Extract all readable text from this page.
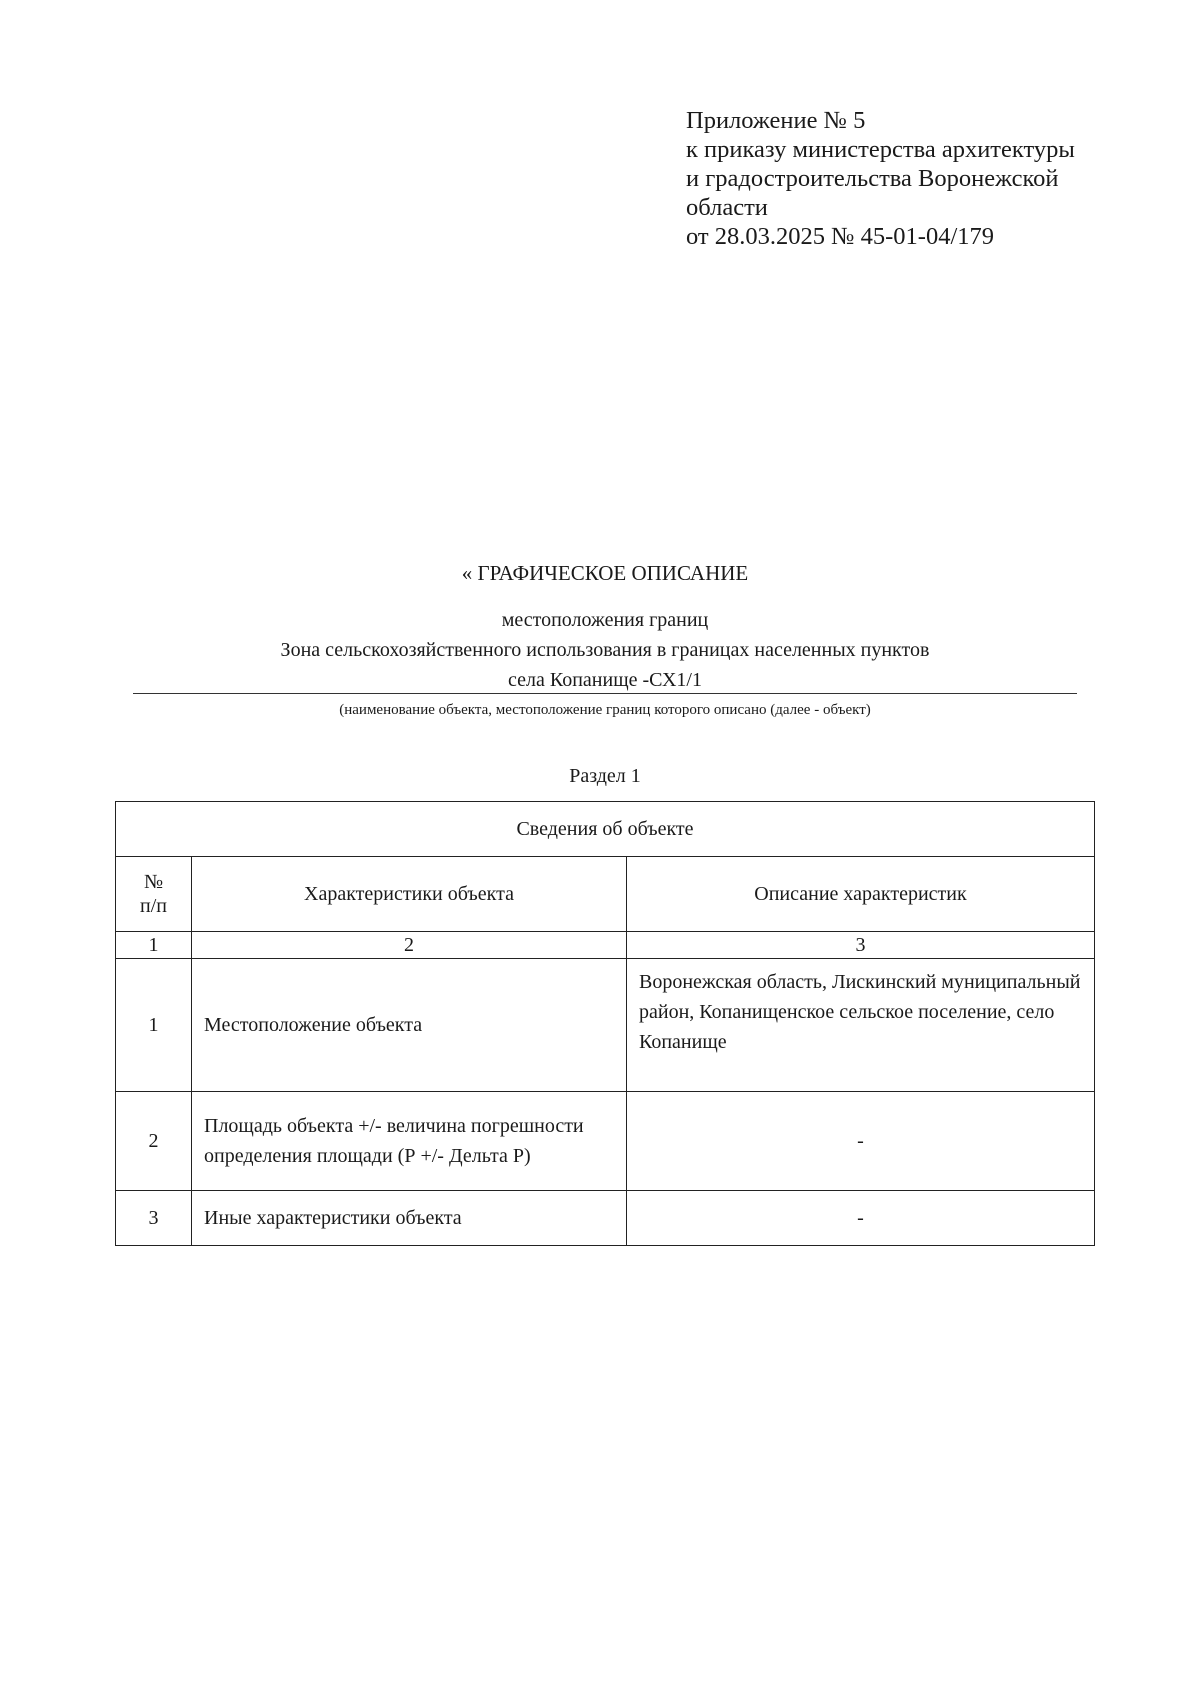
Приложение № 5
к приказу министерства архитектуры
и градостроительства Воронежской
области
от 28.03.2025 № 45-01-04/179
« ГРАФИЧЕСКОЕ ОПИСАНИЕ
местоположения границ
Зона сельскохозяйственного использования в границах населенных пунктов
села Копанище -СХ1/1
(наименование объекта, местоположение границ которого описано (далее - объект)
Раздел 1
Сведения об объекте		
№ п/п	Характеристики объекта	Описание характеристик
1	2	3
1	Местоположение объекта	Воронежская область, Лискинский муниципальный район, Копанищенское сельское поселение, село Копанище
2	Площадь объекта +/- величина погрешности определения площади (Р +/- Дельта Р)	-
3	Иные характеристики объекта	-
